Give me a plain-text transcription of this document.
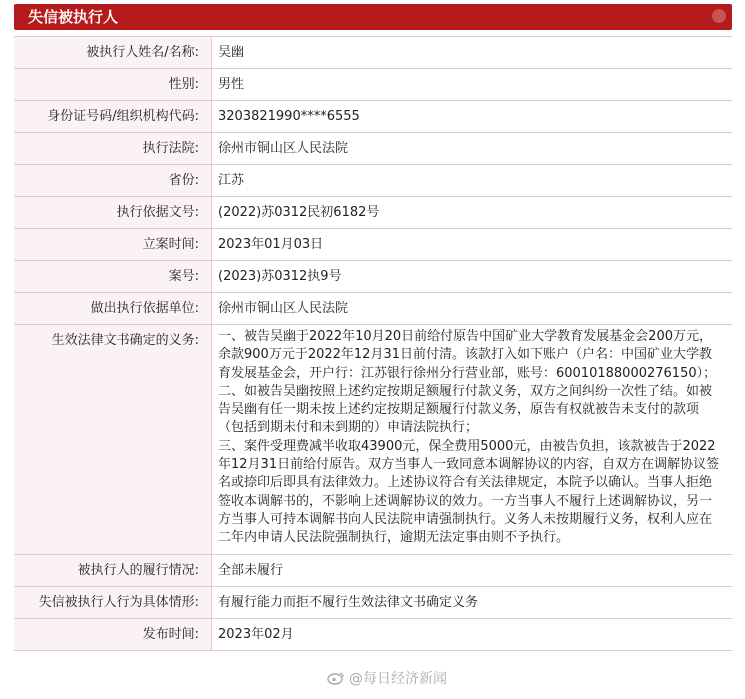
失信被执行人
被执行人姓名/名称:	吴幽
性别:	男性
身份证号码/组织机构代码:	3203821990****6555
执行法院:	徐州市铜山区人民法院
省份:	江苏
执行依据文号:	(2022)苏0312民初6182号
立案时间:	2023年01月03日
案号:	(2023)苏0312执9号
做出执行依据单位:	徐州市铜山区人民法院
生效法律文书确定的义务:	一、被告吴幽于2022年10月20日前给付原告中国矿业大学教育发展基金会200万元，余款900万元于2022年12月31日前付清。该款打入如下账户（户名：中国矿业大学教育发展基金会，开户行：江苏银行徐州分行营业部，账号：60010188000276150）；二、如被告吴幽按照上述约定按期足额履行付款义务，双方之间纠纷一次性了结。如被告吴幽有任一期未按上述约定按期足额履行付款义务，原告有权就被告未支付的款项（包括到期未付和未到期的）申请法院执行；
三、案件受理费减半收取43900元，保全费用5000元，由被告负担，该款被告于2022年12月31日前给付原告。双方当事人一致同意本调解协议的内容，自双方在调解协议签名或捺印后即具有法律效力。上述协议符合有关法律规定，本院予以确认。当事人拒绝签收本调解书的，不影响上述调解协议的效力。一方当事人不履行上述调解协议，另一方当事人可持本调解书向人民法院申请强制执行。义务人未按期履行义务，权利人应在二年内申请人民法院强制执行，逾期无法定事由则不予执行。
被执行人的履行情况:	全部未履行
失信被执行人行为具体情形:	有履行能力而拒不履行生效法律文书确定义务
发布时间:	2023年02月
@每日经济新闻
